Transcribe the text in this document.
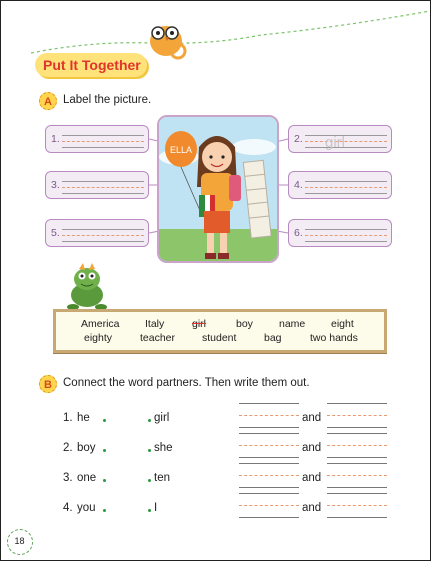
Put It Together
A Label the picture.
1.
3.
5.
2. girl
4.
6.
ELLA
America Italy	girl	boy name eight
eighty	teacher	student	bag	two hands
B Connect the word partners. Then write them out.
1. he	girl	and
2. boy	she	and
3. one	ten	and
4. you	I	and
18
